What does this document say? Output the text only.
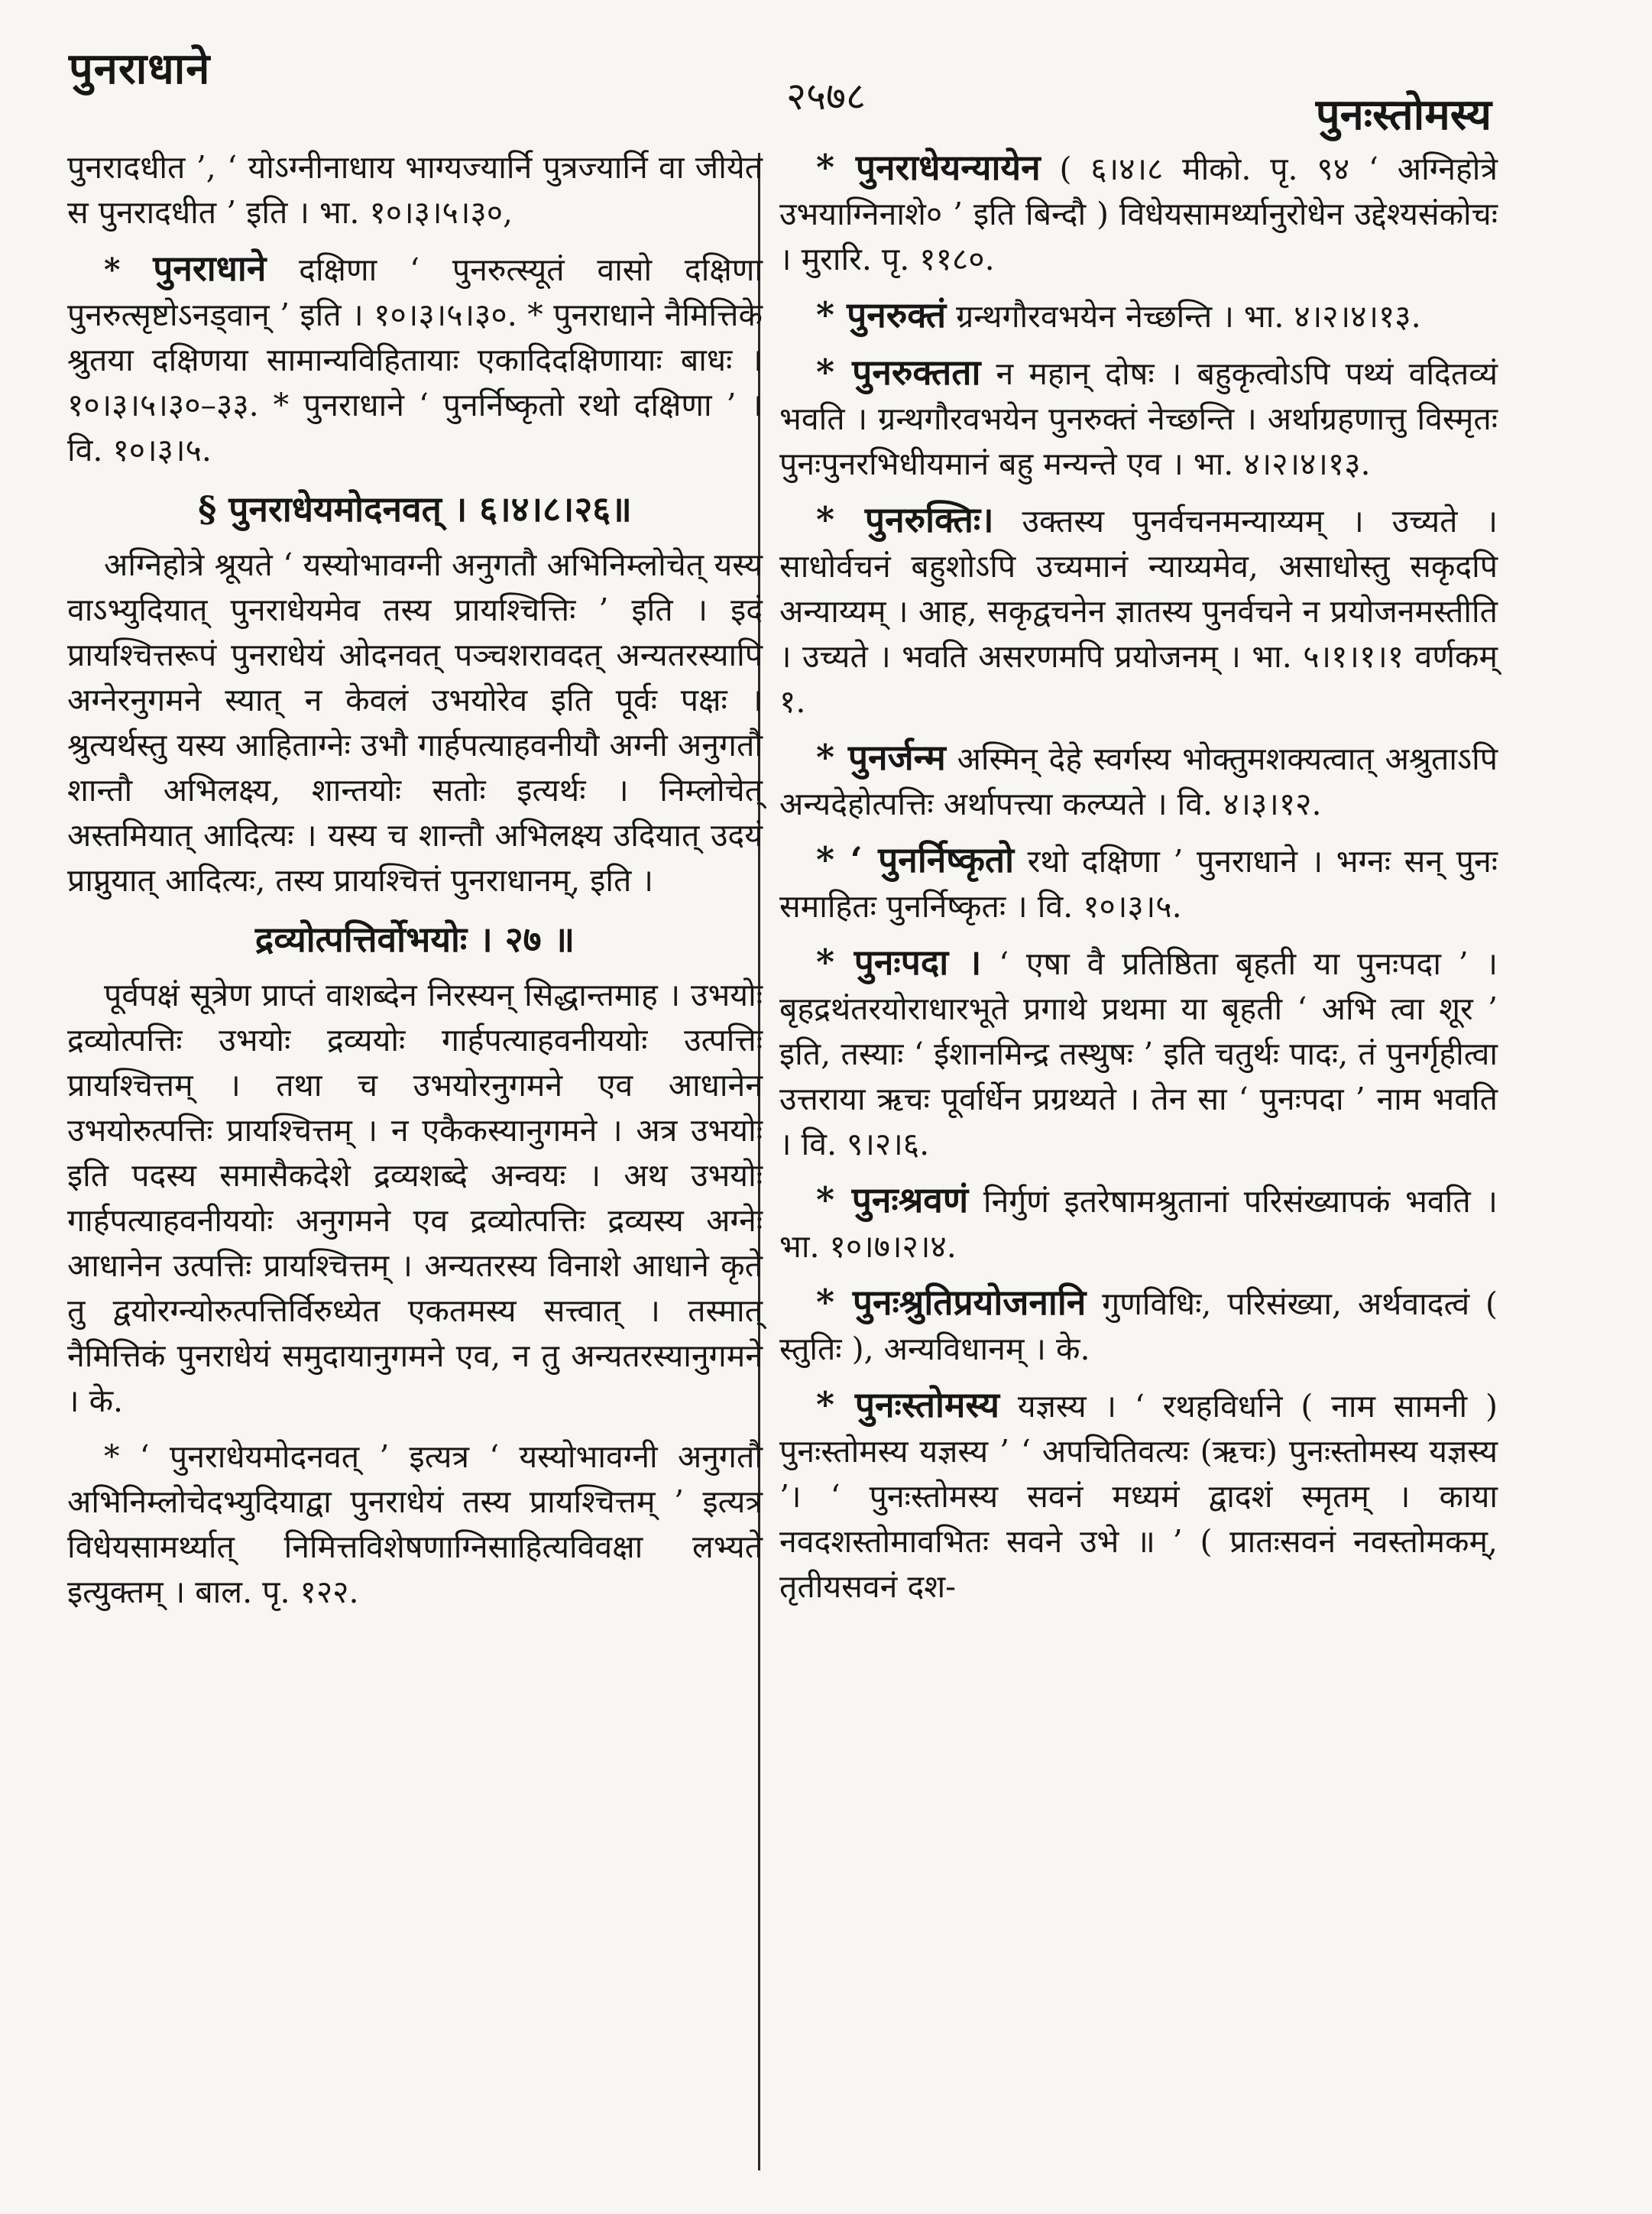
पुनराधाने
२५७८	पुनःस्तोमस्य

पुनरादधीत ’, ‘ योऽग्नीनाधाय भाग्यज्यार्नि पुत्रज्यार्नि वा जीयेत स पुनरादधीत ’ इति । भा. १०।३।५।३०,

* पुनराधाने दक्षिणा ‘ पुनरुत्स्यूतं वासो दक्षिणा पुनरुत्सृष्टोऽनड्वान् ’ इति । १०।३।५।३०. * पुनराधाने नैमित्तिके श्रुतया दक्षिणया सामान्यविहितायाः एकादिदक्षिणायाः बाधः । १०।३।५।३०–३३. * पुनराधाने ‘ पुनर्निष्कृतो रथो दक्षिणा ’ । वि. १०।३।५.

§ पुनराधेयमोदनवत् । ६।४।८।२६॥

अग्निहोत्रे श्रूयते ‘ यस्योभावग्नी अनुगतौ अभिनिम्लोचेत् यस्य वाऽभ्युदियात् पुनराधेयमेव तस्य प्रायश्चित्तिः ’ इति । इदं प्रायश्चित्तरूपं पुनराधेयं ओदनवत् पञ्चशरावदत् अन्यतरस्यापि अग्नेरनुगमने स्यात् न केवलं उभयोरेव इति पूर्वः पक्षः । श्रुत्यर्थस्तु यस्य आहिताग्नेः उभौ गार्हपत्याहवनीयौ अग्नी अनुगतौ शान्तौ अभिलक्ष्य, शान्तयोः सतोः इत्यर्थः । निम्लोचेत् अस्तमियात् आदित्यः । यस्य च शान्तौ अभिलक्ष्य उदियात् उदयं प्राप्नुयात् आदित्यः, तस्य प्रायश्चित्तं पुनराधानम्, इति ।

द्रव्योत्पत्तिर्वोभयोः । २७ ॥

पूर्वपक्षं सूत्रेण प्राप्तं वाशब्देन निरस्यन् सिद्धान्तमाह । उभयोः द्रव्योत्पत्तिः उभयोः द्रव्ययोः गार्हपत्याहवनीययोः उत्पत्तिः प्रायश्चित्तम् । तथा च उभयोरनुगमने एव आधानेन उभयोरुत्पत्तिः प्रायश्चित्तम् । न एकैकस्यानुगमने । अत्र उभयोः इति पदस्य समासैकदेशे द्रव्यशब्दे अन्वयः । अथ उभयोः गार्हपत्याहवनीययोः अनुगमने एव द्रव्योत्पत्तिः द्रव्यस्य अग्नेः आधानेन उत्पत्तिः प्रायश्चित्तम् । अन्यतरस्य विनाशे आधाने कृते तु द्वयोरग्न्योरुत्पत्तिर्विरुध्येत एकतमस्य सत्त्वात् । तस्मात् नैमित्तिकं पुनराधेयं समुदायानुगमने एव, न तु अन्यतरस्यानुगमने । के.

* ‘ पुनराधेयमोदनवत् ’ इत्यत्र ‘ यस्योभावग्नी अनुगतौ अभिनिम्लोचेदभ्युदियाद्वा पुनराधेयं तस्य प्रायश्चित्तम् ’ इत्यत्र विधेयसामर्थ्यात् निमित्तविशेषणाग्निसाहित्यविवक्षा लभ्यते इत्युक्तम् । बाल. पृ. १२२.

* पुनराधेयन्यायेन ( ६।४।८ मीको. पृ. ९४ ‘ अग्निहोत्रे उभयाग्निनाशे० ’ इति बिन्दौ ) विधेयसामर्थ्यानुरोधेन उद्देश्यसंकोचः । मुरारि. पृ. ११८०.

* पुनरुक्तं ग्रन्थगौरवभयेन नेच्छन्ति । भा. ४।२।४।१३.

* पुनरुक्तता न महान् दोषः । बहुकृत्वोऽपि पथ्यं वदितव्यं भवति । ग्रन्थगौरवभयेन पुनरुक्तं नेच्छन्ति । अर्थाग्रहणात्तु विस्मृतः पुनःपुनरभिधीयमानं बहु मन्यन्ते एव । भा. ४।२।४।१३.

* पुनरुक्तिः। उक्तस्य पुनर्वचनमन्याय्यम् । उच्यते । साधोर्वचनं बहुशोऽपि उच्यमानं न्याय्यमेव, असाधोस्तु सकृदपि अन्याय्यम् । आह, सकृद्वचनेन ज्ञातस्य पुनर्वचने न प्रयोजनमस्तीति । उच्यते । भवति असरणमपि प्रयोजनम् । भा. ५।१।१।१ वर्णकम् १.

* पुनर्जन्म अस्मिन् देहे स्वर्गस्य भोक्तुमशक्यत्वात् अश्रुताऽपि अन्यदेहोत्पत्तिः अर्थापत्त्या कल्प्यते । वि. ४।३।१२.

* ‘ पुनर्निष्कृतो रथो दक्षिणा ’ पुनराधाने । भग्नः सन् पुनः समाहितः पुनर्निष्कृतः । वि. १०।३।५.

* पुनःपदा । ‘ एषा वै प्रतिष्ठिता बृहती या पुनःपदा ’ । बृहद्रथंतरयोराधारभूते प्रगाथे प्रथमा या बृहती ‘ अभि त्वा शूर ’ इति, तस्याः ‘ ईशानमिन्द्र तस्थुषः ’ इति चतुर्थः पादः, तं पुनर्गृहीत्वा उत्तराया ऋचः पूर्वार्धेन प्रग्रथ्यते । तेन सा ‘ पुनःपदा ’ नाम भवति । वि. ९।२।६.

* पुनःश्रवणं निर्गुणं इतरेषामश्रुतानां परिसंख्यापकं भवति । भा. १०।७।२।४.

* पुनःश्रुतिप्रयोजनानि गुणविधिः, परिसंख्या, अर्थवादत्वं ( स्तुतिः ), अन्यविधानम् । के.

* पुनःस्तोमस्य यज्ञस्य । ‘ रथहविर्धाने ( नाम सामनी ) पुनःस्तोमस्य यज्ञस्य ’ ‘ अपचितिवत्यः (ऋचः) पुनःस्तोमस्य यज्ञस्य ’। ‘ पुनःस्तोमस्य सवनं मध्यमं द्वादशं स्मृतम् । काया नवदशस्तोमावभितः सवने उभे ॥ ’ ( प्रातःसवनं नवस्तोमकम्, तृतीयसवनं दश-
